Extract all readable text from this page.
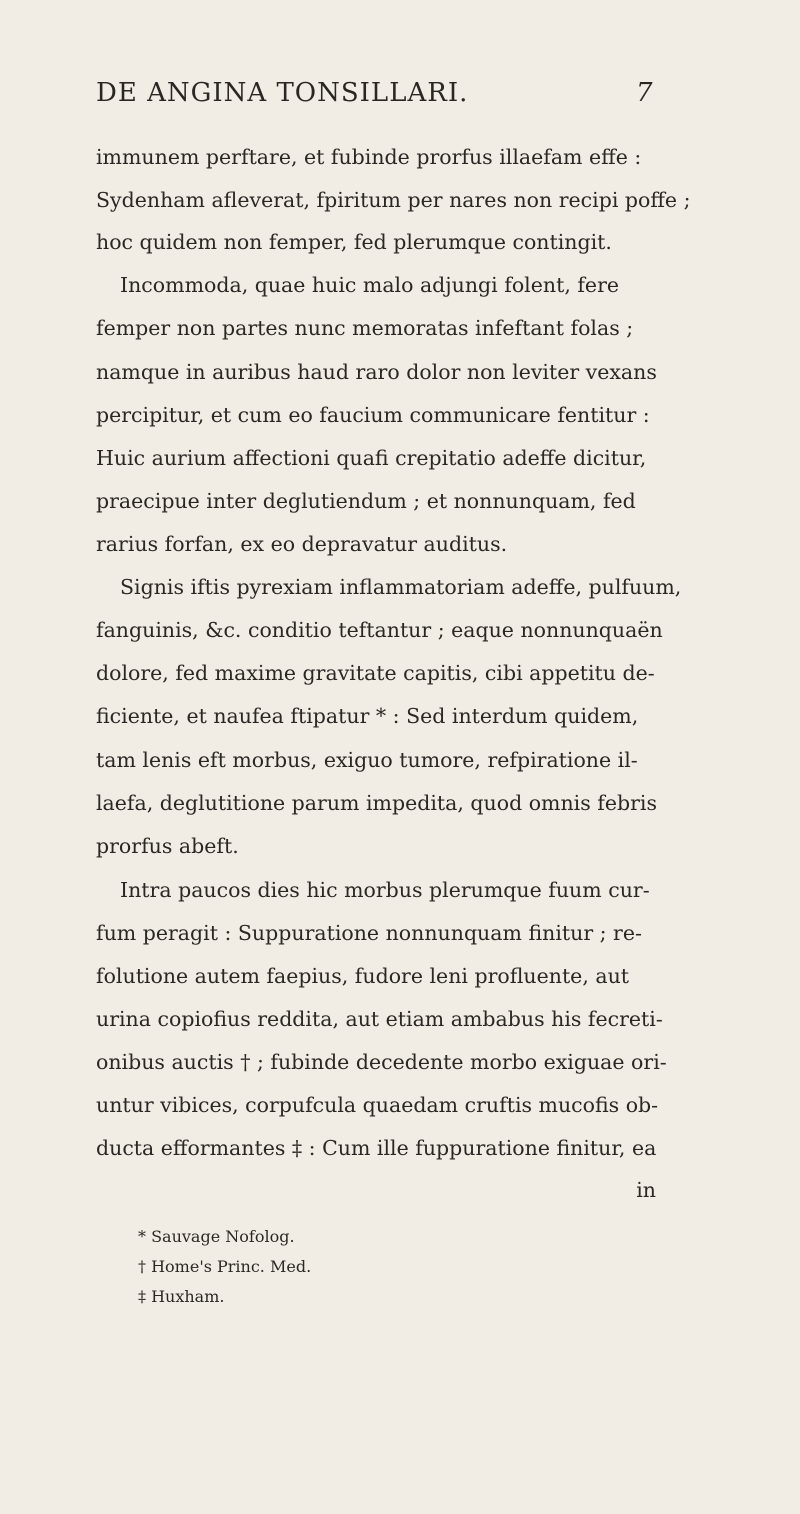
DE ANGINA TONSILLARI.	7
immunem perftare, et fubinde prorfus illaefam effe :
Sydenham afleverat, fpiritum per nares non recipi poffe ;
hoc quidem non femper, fed plerumque contingit.
Incommoda, quae huic malo adjungi folent, fere
femper non partes nunc memoratas infeftant folas ;
namque in auribus haud raro dolor non leviter vexans
percipitur, et cum eo faucium communicare fentitur :
Huic aurium affectioni quafi crepitatio adeffe dicitur,
praecipue inter deglutiendum ; et nonnunquam, fed
rarius forfan, ex eo depravatur auditus.
Signis iftis pyrexiam inflammatoriam adeffe, pulfuum,
fanguinis, &c. conditio teftantur ; eaque nonnunquaën
dolore, fed maxime gravitate capitis, cibi appetitu de-
ficiente, et naufea ftipatur * : Sed interdum quidem,
tam lenis eft morbus, exiguo tumore, refpiratione il-
laefa, deglutitione parum impedita, quod omnis febris
prorfus abeft.
Intra paucos dies hic morbus plerumque fuum cur-
fum peragit : Suppuratione nonnunquam finitur ; re-
folutione autem faepius, fudore leni profluente, aut
urina copiofius reddita, aut etiam ambabus his fecreti-
onibus auctis † ; fubinde decedente morbo exiguae ori-
untur vibices, corpufcula quaedam cruftis mucofis ob-
ducta efformantes ‡ : Cum ille fuppuratione finitur, ea
in
* Sauvage Nofolog.
† Home's Princ. Med.
‡ Huxham.
